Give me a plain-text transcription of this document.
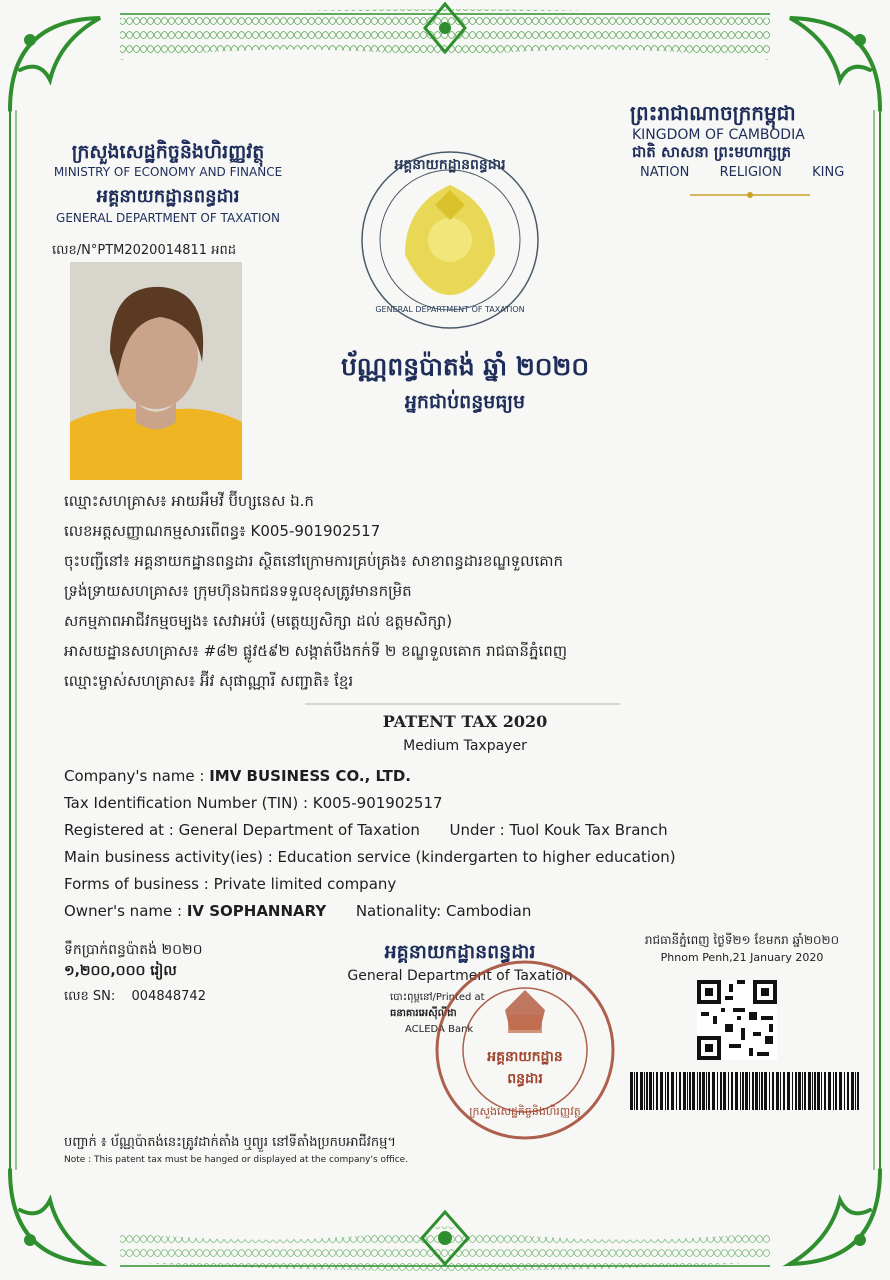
ក្រសួងសេដ្ឋកិច្ចនិងហិរញ្ញវត្ថុ
MINISTRY OF ECONOMY AND FINANCE
អគ្គនាយកដ្ឋានពន្ធដារ
GENERAL DEPARTMENT OF TAXATION
លេខ/N°PTM2020014811 អពដ
ព្រះរាជាណាចក្រកម្ពុជា
KINGDOM OF CAMBODIA
ជាតិ សាសនា ព្រះមហាក្សត្រ
NATION RELIGION KING
អគ្គនាយកដ្ឋានពន្ធដារ
GENERAL DEPARTMENT OF TAXATION
ប័ណ្ណពន្ធប៉ាតង់ ឆ្នាំ ២០២០
អ្នកជាប់ពន្ធមធ្យម
ឈ្មោះសហគ្រាស៖ អាយអឹមវី ប៊ីហ្សនេស ឯ.ក
លេខអត្តសញ្ញាណកម្មសារពើពន្ធ៖ K005-901902517
ចុះបញ្ជីនៅ៖ អគ្គនាយកដ្ឋានពន្ធដារ ស្ថិតនៅក្រោមការគ្រប់គ្រង៖ សាខាពន្ធដារខណ្ឌទួលគោក
ទ្រង់ទ្រាយសហគ្រាស៖ ក្រុមហ៊ុនឯកជនទទួលខុសត្រូវមានកម្រិត
សកម្មភាពអាជីវកម្មចម្បង៖ សេវាអប់រំ (មត្តេយ្យសិក្សា ដល់ ឧត្តមសិក្សា)
អាសយដ្ឋានសហគ្រាស៖ #៨២ ផ្លូវ៥៩២ សង្កាត់បឹងកក់ទី ២ ខណ្ឌទួលគោក រាជធានីភ្នំពេញ
ឈ្មោះម្ចាស់សហគ្រាស៖ អ៊ីវ សុផាណ្ណារី សញ្ជាតិ៖ ខ្មែរ
PATENT TAX 2020
Medium Taxpayer
Company's name : IMV BUSINESS CO., LTD.
Tax Identification Number (TIN) : K005-901902517
Registered at : General Department of Taxation Under : Tuol Kouk Tax Branch
Main business activity(ies) : Education service (kindergarten to higher education)
Forms of business : Private limited company
Owner's name : IV SOPHANNARY Nationality: Cambodian
ទឹកប្រាក់ពន្ធប៉ាតង់ ២០២០
១,២០០,០០០ រៀល
លេខ SN: 004848742
អគ្គនាយកដ្ឋានពន្ធដារ
General Department of Taxation
បោះពុម្ពនៅ/Printed at
ធនាគារអេស៊ីលីដា
ACLEDA Bank
អគ្គនាយកដ្ឋាន
ពន្ធដារ
ក្រសួងសេដ្ឋកិច្ចនិងហិរញ្ញវត្ថុ
រាជធានីភ្នំពេញ ថ្ងៃទី២១ ខែមករា ឆ្នាំ២០២០
Phnom Penh,21 January 2020
បញ្ជាក់ ៖ ប័ណ្ណប៉ាតង់នេះត្រូវដាក់តាំង ឬព្យួរ នៅទីតាំងប្រកបអាជីវកម្ម។
Note : This patent tax must be hanged or displayed at the company's office.
